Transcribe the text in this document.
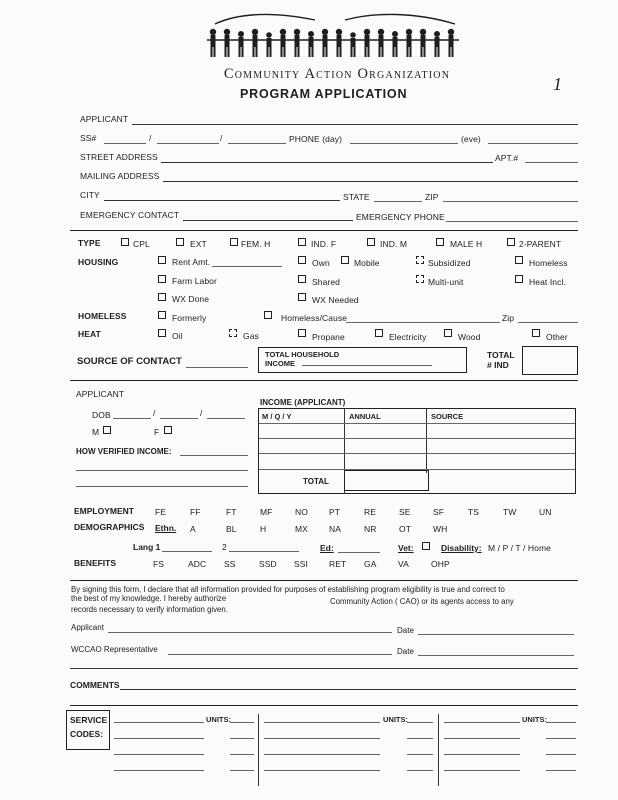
Community Action Organization
PROGRAM APPLICATION	1
APPLICANT
SS#	/	/	PHONE (day)	(eve)
STREET ADDRESS	APT.#
MAILING ADDRESS
CITY	STATE	ZIP
EMERGENCY CONTACT	EMERGENCY PHONE
TYPE	CPL	EXT	FEM. H	IND. F	IND. M	MALE H	2-PARENT
HOUSING	Rent Amt.	Own	Mobile	Subsidized	Homeless
Farm Labor	Shared	Multi-unit	Heat Incl.
WX Done	WX Needed
HOMELESS	Formerly	Homeless/Cause	Zip
HEAT	Oil	Gas	Propane	Electricity	Wood	Other
SOURCE OF CONTACT
TOTAL HOUSEHOLD INCOME
TOTAL # IND
APPLICANT
DOB	/	/
M	F
HOW VERIFIED INCOME:
INCOME (APPLICANT)
M / Q / Y	ANNUAL	SOURCE
TOTAL
EMPLOYMENT FE	FF	FT	MF	NO PT	RE	SE	SF	TS	TW	UN
DEMOGRAPHICS Ethn. A	BL	H	MX NA	NR	OT	WH
Lang 1	2	Ed:	Vet:	Disability: M / P / T / Home
BENEFITS	FS	ADC SS	SSD SSI RET GA	VA	OHP
By signing this form, I declare that all information provided for purposes of establishing program eligibility is true and correct to
the best of my knowledge. I hereby authorize	Community Action ( CAO) or its agents access to any
records necessary to verify information given.
Applicant	Date
WCCAO Representative	Date
COMMENTS
SERVICE
CODES:
UNITS:	UNITS:	UNITS:
